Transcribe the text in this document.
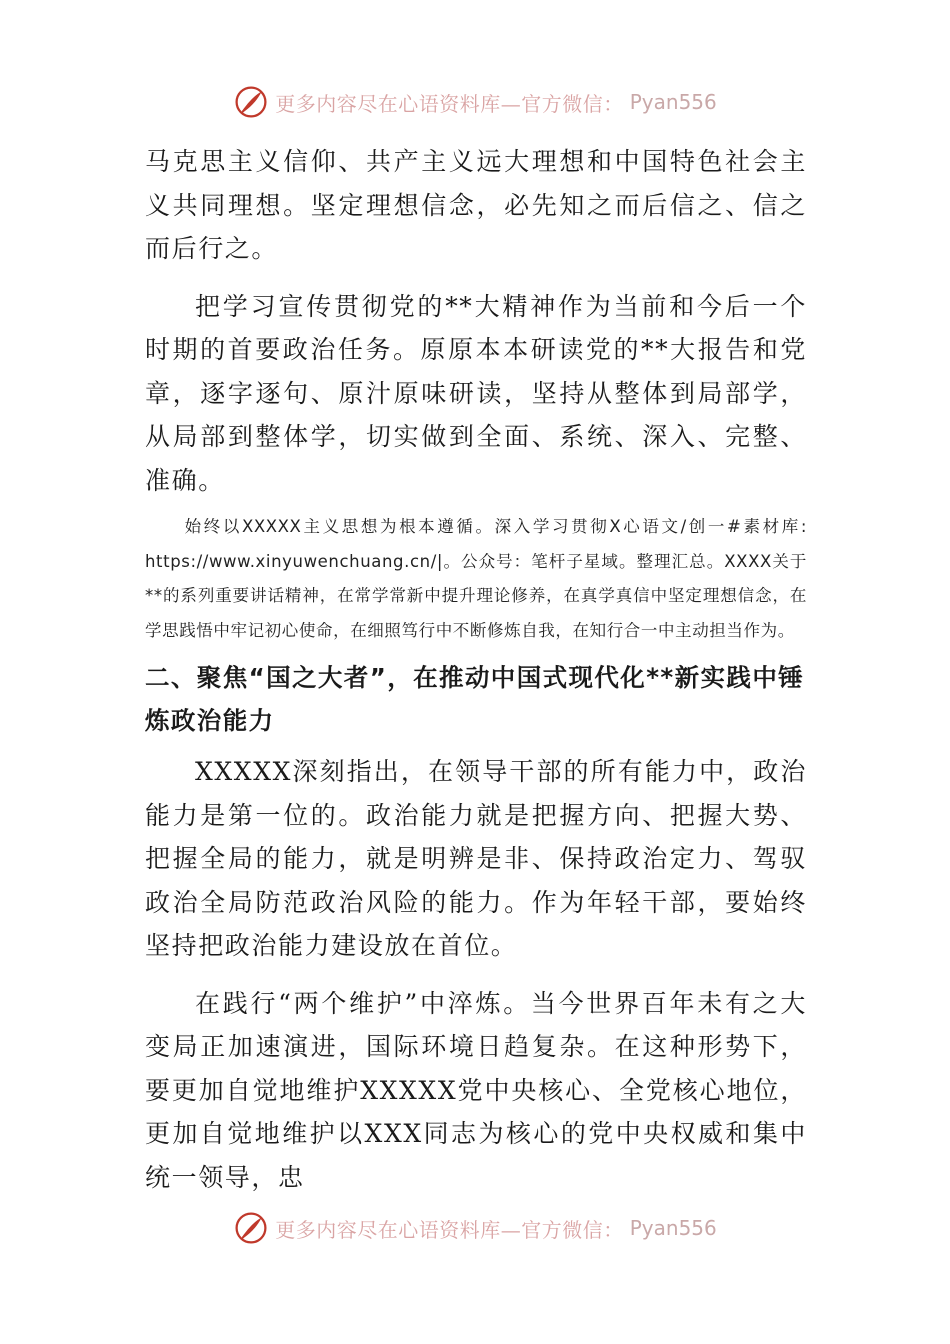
更多内容尽在心语资料库—官方微信： Pyan556

马克思主义信仰、共产主义远大理想和中国特色社会主义共同理想。坚定理想信念，必先知之而后信之、信之而后行之。

把学习宣传贯彻党的**大精神作为当前和今后一个时期的首要政治任务。原原本本研读党的**大报告和党章，逐字逐句、原汁原味研读，坚持从整体到局部学，从局部到整体学，切实做到全面、系统、深入、完整、准确。

始终以XXXXX主义思想为根本遵循。深入学习贯彻X心语文/创一#素材库: https://www.xinyuwenchuang.cn/|。公众号：笔杆子星域。整理汇总。XXXX关于**的系列重要讲话精神，在常学常新中提升理论修养，在真学真信中坚定理想信念，在学思践悟中牢记初心使命，在细照笃行中不断修炼自我，在知行合一中主动担当作为。

二、聚焦“国之大者”，在推动中国式现代化**新实践中锤炼政治能力

XXXXX深刻指出，在领导干部的所有能力中，政治能力是第一位的。政治能力就是把握方向、把握大势、把握全局的能力，就是明辨是非、保持政治定力、驾驭政治全局防范政治风险的能力。作为年轻干部，要始终坚持把政治能力建设放在首位。

在践行“两个维护”中淬炼。当今世界百年未有之大变局正加速演进，国际环境日趋复杂。在这种形势下，要更加自觉地维护XXXXX党中央核心、全党核心地位，更加自觉地维护以XXX同志为核心的党中央权威和集中统一领导，忠

更多内容尽在心语资料库—官方微信： Pyan556
